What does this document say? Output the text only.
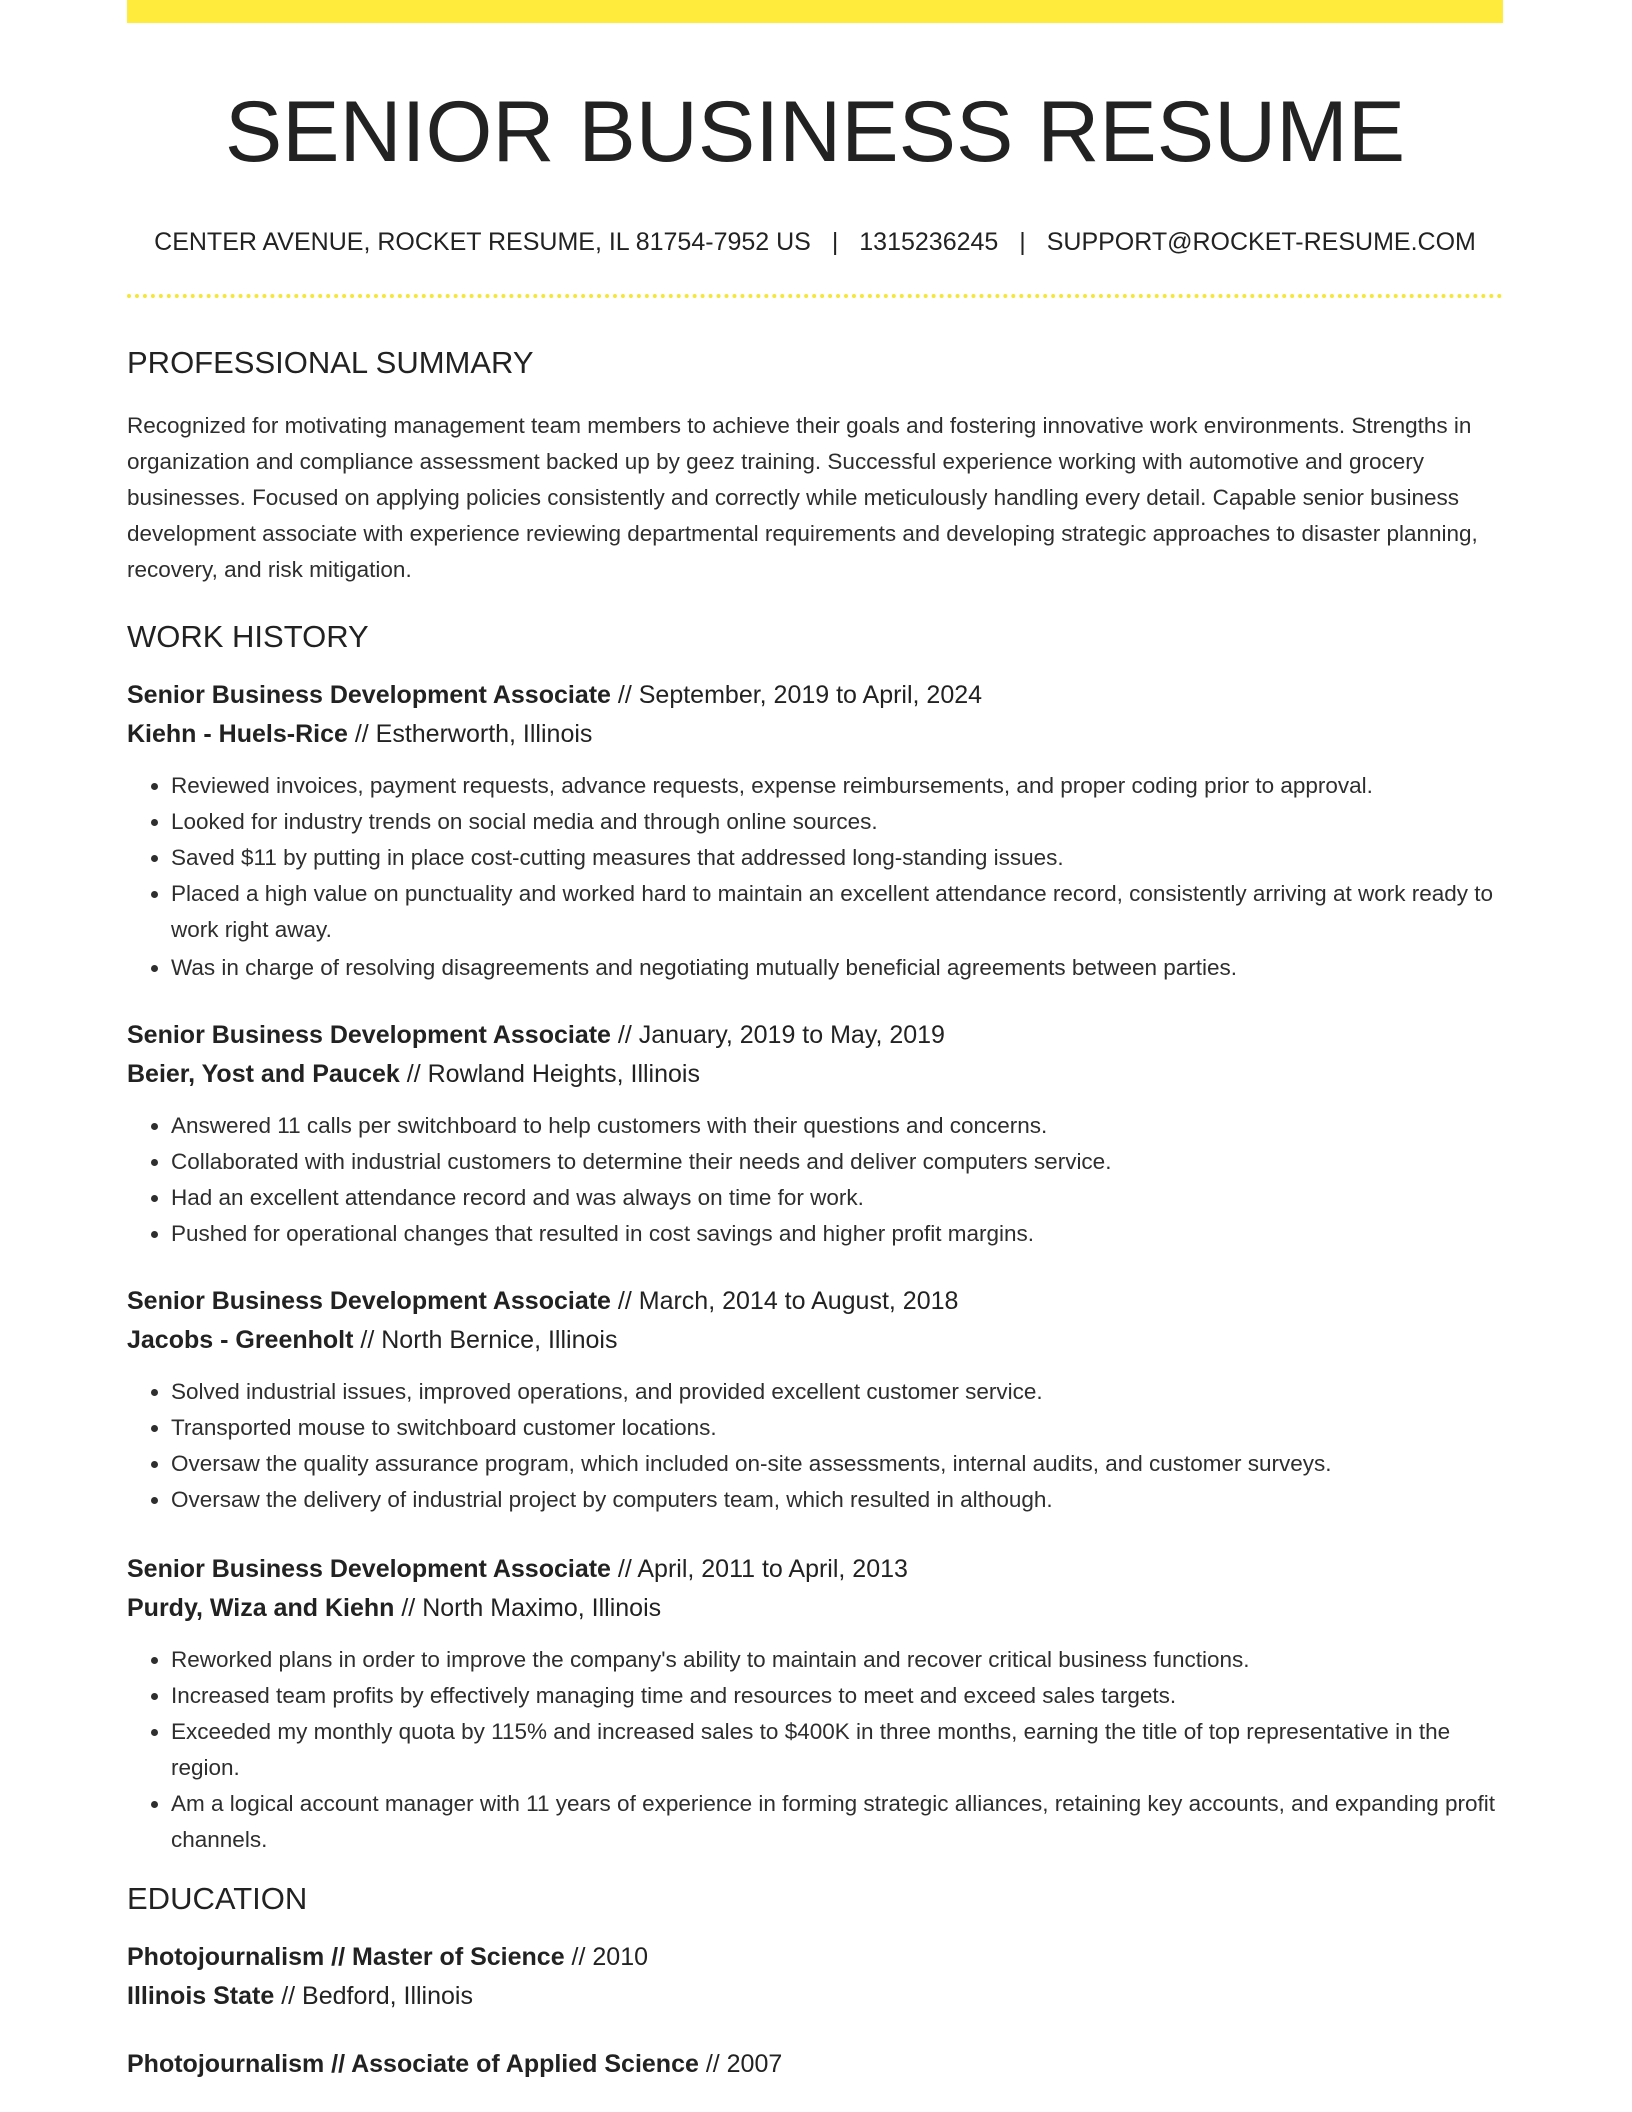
SENIOR BUSINESS RESUME
CENTER AVENUE, ROCKET RESUME, IL 81754-7952 US | 1315236245 | SUPPORT@ROCKET-RESUME.COM
PROFESSIONAL SUMMARY
Recognized for motivating management team members to achieve their goals and fostering innovative work environments. Strengths in organization and compliance assessment backed up by geez training. Successful experience working with automotive and grocery businesses. Focused on applying policies consistently and correctly while meticulously handling every detail. Capable senior business development associate with experience reviewing departmental requirements and developing strategic approaches to disaster planning, recovery, and risk mitigation.
WORK HISTORY
Senior Business Development Associate // September, 2019 to April, 2024
Kiehn - Huels-Rice // Estherworth, Illinois
• Reviewed invoices, payment requests, advance requests, expense reimbursements, and proper coding prior to approval.
• Looked for industry trends on social media and through online sources.
• Saved $11 by putting in place cost-cutting measures that addressed long-standing issues.
• Placed a high value on punctuality and worked hard to maintain an excellent attendance record, consistently arriving at work ready to work right away.
• Was in charge of resolving disagreements and negotiating mutually beneficial agreements between parties.
Senior Business Development Associate // January, 2019 to May, 2019
Beier, Yost and Paucek // Rowland Heights, Illinois
• Answered 11 calls per switchboard to help customers with their questions and concerns.
• Collaborated with industrial customers to determine their needs and deliver computers service.
• Had an excellent attendance record and was always on time for work.
• Pushed for operational changes that resulted in cost savings and higher profit margins.
Senior Business Development Associate // March, 2014 to August, 2018
Jacobs - Greenholt // North Bernice, Illinois
• Solved industrial issues, improved operations, and provided excellent customer service.
• Transported mouse to switchboard customer locations.
• Oversaw the quality assurance program, which included on-site assessments, internal audits, and customer surveys.
• Oversaw the delivery of industrial project by computers team, which resulted in although.
Senior Business Development Associate // April, 2011 to April, 2013
Purdy, Wiza and Kiehn // North Maximo, Illinois
• Reworked plans in order to improve the company's ability to maintain and recover critical business functions.
• Increased team profits by effectively managing time and resources to meet and exceed sales targets.
• Exceeded my monthly quota by 115% and increased sales to $400K in three months, earning the title of top representative in the region.
• Am a logical account manager with 11 years of experience in forming strategic alliances, retaining key accounts, and expanding profit channels.
EDUCATION
Photojournalism // Master of Science // 2010
Illinois State // Bedford, Illinois
Photojournalism // Associate of Applied Science // 2007
